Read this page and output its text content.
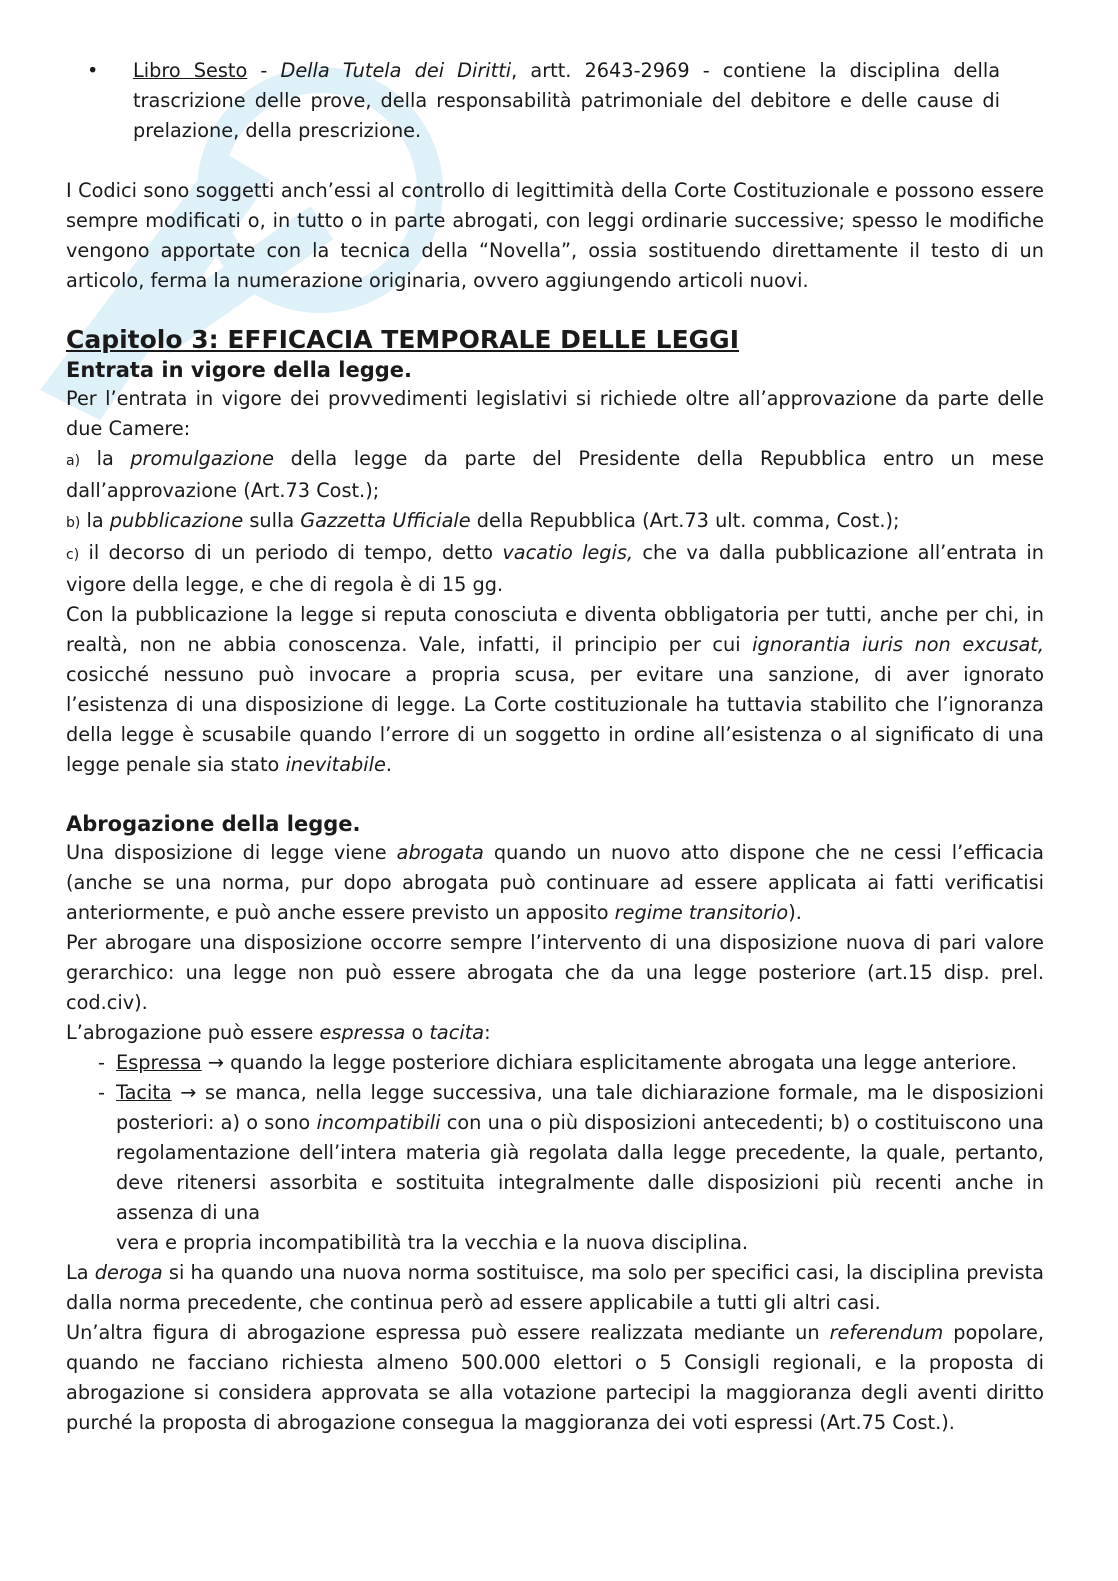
• Libro Sesto - Della Tutela dei Diritti, artt. 2643-2969 - contiene la disciplina della trascrizione delle prove, della responsabilità patrimoniale del debitore e delle cause di prelazione, della prescrizione.

I Codici sono soggetti anch’essi al controllo di legittimità della Corte Costituzionale e possono essere sempre modificati o, in tutto o in parte abrogati, con leggi ordinarie successive; spesso le modifiche vengono apportate con la tecnica della “Novella”, ossia sostituendo direttamente il testo di un articolo, ferma la numerazione originaria, ovvero aggiungendo articoli nuovi.

Capitolo 3: EFFICACIA TEMPORALE DELLE LEGGI
Entrata in vigore della legge.

Per l’entrata in vigore dei provvedimenti legislativi si richiede oltre all’approvazione da parte delle due Camere:

a) la promulgazione della legge da parte del Presidente della Repubblica entro un mese dall’approvazione (Art.73 Cost.);

b) la pubblicazione sulla Gazzetta Ufficiale della Repubblica (Art.73 ult. comma, Cost.);

c) il decorso di un periodo di tempo, detto vacatio legis, che va dalla pubblicazione all’entrata in vigore della legge, e che di regola è di 15 gg.

Con la pubblicazione la legge si reputa conosciuta e diventa obbligatoria per tutti, anche per chi, in realtà, non ne abbia conoscenza. Vale, infatti, il principio per cui ignorantia iuris non excusat, cosicché nessuno può invocare a propria scusa, per evitare una sanzione, di aver ignorato l’esistenza di una disposizione di legge. La Corte costituzionale ha tuttavia stabilito che l’ignoranza della legge è scusabile quando l’errore di un soggetto in ordine all’esistenza o al significato di una legge penale sia stato inevitabile.

Abrogazione della legge.

Una disposizione di legge viene abrogata quando un nuovo atto dispone che ne cessi l’efficacia (anche se una norma, pur dopo abrogata può continuare ad essere applicata ai fatti verificatisi anteriormente, e può anche essere previsto un apposito regime transitorio).

Per abrogare una disposizione occorre sempre l’intervento di una disposizione nuova di pari valore gerarchico: una legge non può essere abrogata che da una legge posteriore (art.15 disp. prel. cod.civ).

L’abrogazione può essere espressa o tacita:

- Espressa → quando la legge posteriore dichiara esplicitamente abrogata una legge anteriore.

- Tacita → se manca, nella legge successiva, una tale dichiarazione formale, ma le disposizioni posteriori: a) o sono incompatibili con una o più disposizioni antecedenti; b) o costituiscono una regolamentazione dell’intera materia già regolata dalla legge precedente, la quale, pertanto, deve ritenersi assorbita e sostituita integralmente dalle disposizioni più recenti anche in assenza di una

vera e propria incompatibilità tra la vecchia e la nuova disciplina.

La deroga si ha quando una nuova norma sostituisce, ma solo per specifici casi, la disciplina prevista dalla norma precedente, che continua però ad essere applicabile a tutti gli altri casi.

Un’altra figura di abrogazione espressa può essere realizzata mediante un referendum popolare, quando ne facciano richiesta almeno 500.000 elettori o 5 Consigli regionali, e la proposta di abrogazione si considera approvata se alla votazione partecipi la maggioranza degli aventi diritto purché la proposta di abrogazione consegua la maggioranza dei voti espressi (Art.75 Cost.).
